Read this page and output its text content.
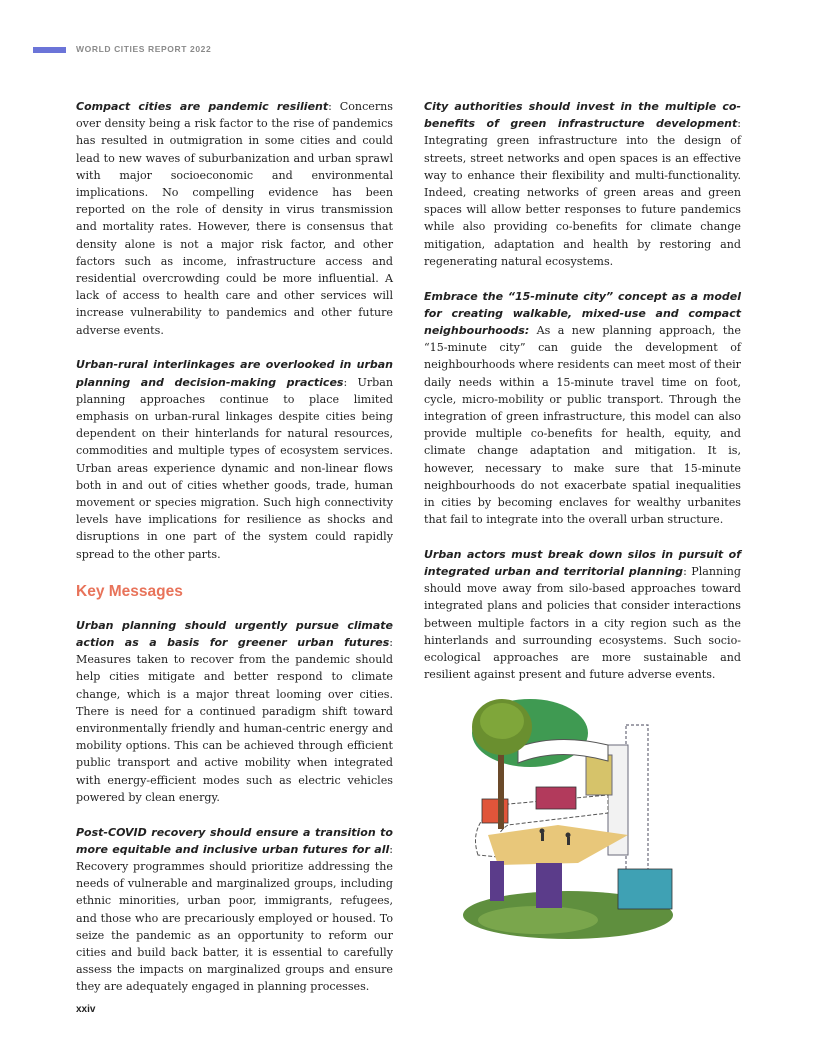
WORLD CITIES REPORT 2022

Compact cities are pandemic resilient: Concerns over density being a risk factor to the rise of pandemics has resulted in outmigration in some cities and could lead to new waves of suburbanization and urban sprawl with major socioeconomic and environmental implications. No compelling evidence has been reported on the role of density in virus transmission and mortality rates. However, there is consensus that density alone is not a major risk factor, and other factors such as income, infrastructure access and residential overcrowding could be more influential. A lack of access to health care and other services will increase vulnerability to pandemics and other future adverse events.

Urban-rural interlinkages are overlooked in urban planning and decision-making practices: Urban planning approaches continue to place limited emphasis on urban-rural linkages despite cities being dependent on their hinterlands for natural resources, commodities and multiple types of ecosystem services. Urban areas experience dynamic and non-linear flows both in and out of cities whether goods, trade, human movement or species migration. Such high connectivity levels have implications for resilience as shocks and disruptions in one part of the system could rapidly spread to the other parts.

Key Messages

Urban planning should urgently pursue climate action as a basis for greener urban futures: Measures taken to recover from the pandemic should help cities mitigate and better respond to climate change, which is a major threat looming over cities. There is need for a continued paradigm shift toward environmentally friendly and human-centric energy and mobility options. This can be achieved through efficient public transport and active mobility when integrated with energy-efficient modes such as electric vehicles powered by clean energy.

Post-COVID recovery should ensure a transition to more equitable and inclusive urban futures for all: Recovery programmes should prioritize addressing the needs of vulnerable and marginalized groups, including ethnic minorities, urban poor, immigrants, refugees, and those who are precariously employed or housed. To seize the pandemic as an opportunity to reform our cities and build back batter, it is essential to carefully assess the impacts on marginalized groups and ensure they are adequately engaged in planning processes.

City authorities should invest in the multiple co-benefits of green infrastructure development: Integrating green infrastructure into the design of streets, street networks and open spaces is an effective way to enhance their flexibility and multi-functionality. Indeed, creating networks of green areas and green spaces will allow better responses to future pandemics while also providing co-benefits for climate change mitigation, adaptation and health by restoring and regenerating natural ecosystems.

Embrace the “15-minute city” concept as a model for creating walkable, mixed-use and compact neighbourhoods: As a new planning approach, the “15-minute city” can guide the development of neighbourhoods where residents can meet most of their daily needs within a 15-minute travel time on foot, cycle, micro-mobility or public transport. Through the integration of green infrastructure, this model can also provide multiple co-benefits for health, equity, and climate change adaptation and mitigation. It is, however, necessary to make sure that 15-minute neighbourhoods do not exacerbate spatial inequalities in cities by becoming enclaves for wealthy urbanites that fail to integrate into the overall urban structure.

Urban actors must break down silos in pursuit of integrated urban and territorial planning: Planning should move away from silo-based approaches toward integrated plans and policies that consider interactions between multiple factors in a city region such as the hinterlands and surrounding ecosystems. Such socio-ecological approaches are more sustainable and resilient against present and future adverse events.

xxiv
